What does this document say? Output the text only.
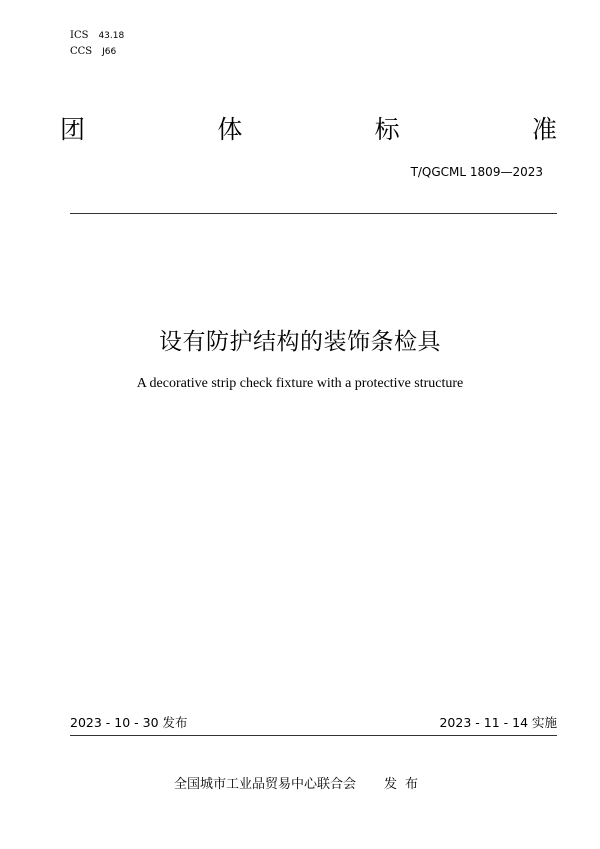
ICS 43.18
CCS J66
团	体	标	准
T/QGCML 1809—2023
设有防护结构的装饰条检具
A decorative strip check fixture with a protective structure
2023 - 10 - 30 发布	2023 - 11 - 14 实施
全国城市工业品贸易中心联合会 发布
